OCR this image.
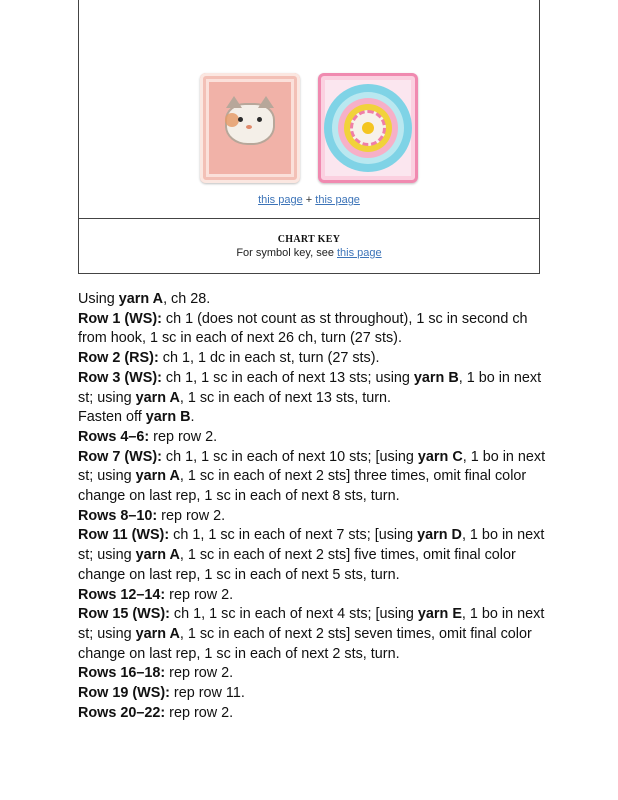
this page + this page
CHART KEY
For symbol key, see this page

Using yarn A, ch 28.

Row 1 (WS): ch 1 (does not count as st throughout), 1 sc in second ch from hook, 1 sc in each of next 26 ch, turn (27 sts).

Row 2 (RS): ch 1, 1 dc in each st, turn (27 sts).

Row 3 (WS): ch 1, 1 sc in each of next 13 sts; using yarn B, 1 bo in next st; using yarn A, 1 sc in each of next 13 sts, turn.

Fasten off yarn B.

Rows 4–6: rep row 2.

Row 7 (WS): ch 1, 1 sc in each of next 10 sts; [using yarn C, 1 bo in next st; using yarn A, 1 sc in each of next 2 sts] three times, omit final color change on last rep, 1 sc in each of next 8 sts, turn.

Rows 8–10: rep row 2.

Row 11 (WS): ch 1, 1 sc in each of next 7 sts; [using yarn D, 1 bo in next st; using yarn A, 1 sc in each of next 2 sts] five times, omit final color change on last rep, 1 sc in each of next 5 sts, turn.

Rows 12–14: rep row 2.

Row 15 (WS): ch 1, 1 sc in each of next 4 sts; [using yarn E, 1 bo in next st; using yarn A, 1 sc in each of next 2 sts] seven times, omit final color change on last rep, 1 sc in each of next 2 sts, turn.

Rows 16–18: rep row 2.

Row 19 (WS): rep row 11.

Rows 20–22: rep row 2.
